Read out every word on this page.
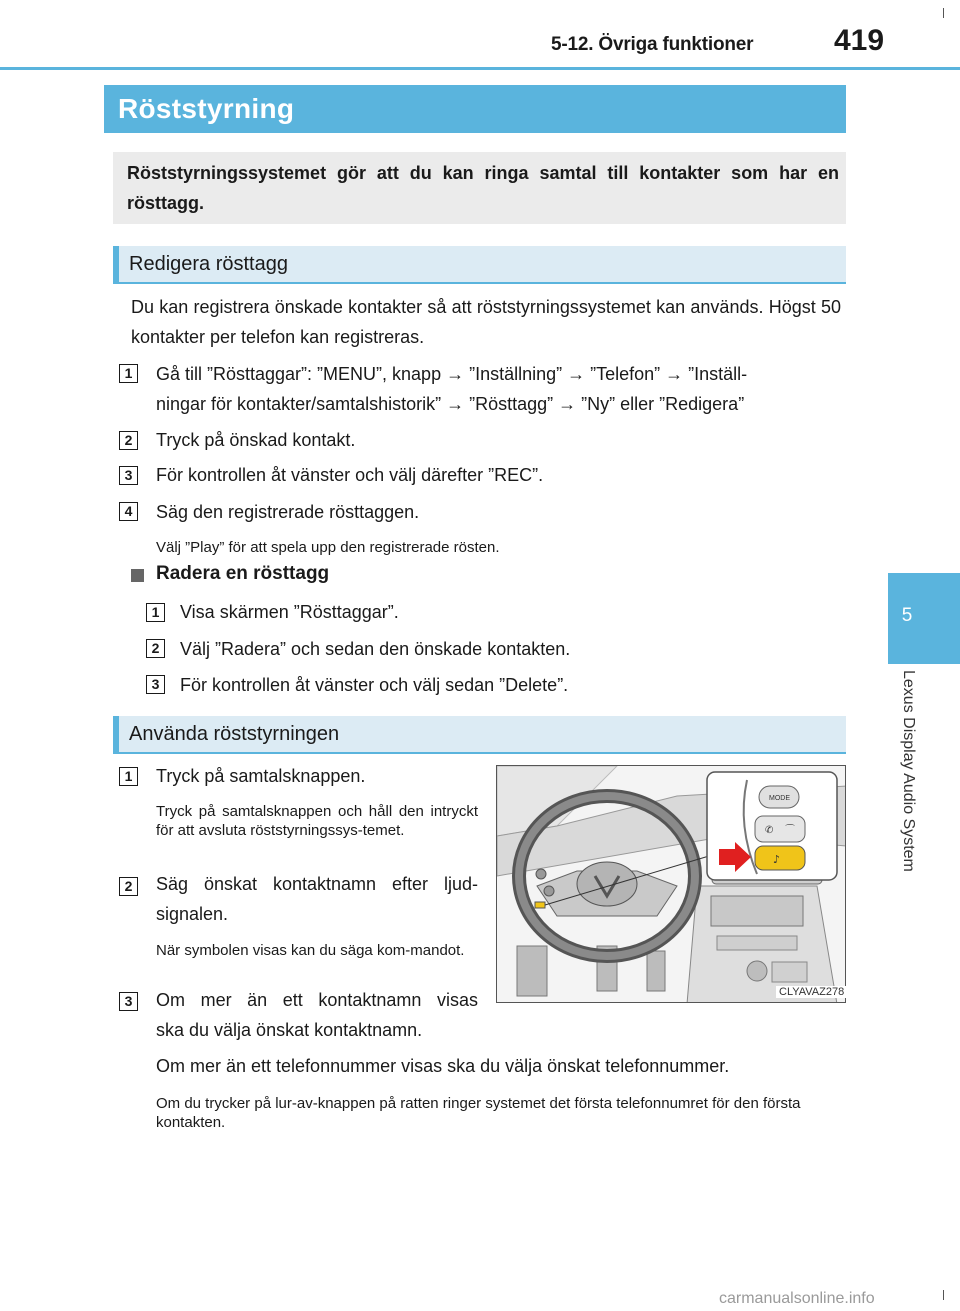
5-12. Övriga funktioner	419
5
Lexus Display Audio System
Röststyrning
Röststyrningssystemet gör att du kan ringa samtal till kontakter som har en rösttagg.
Redigera rösttagg
Du kan registrera önskade kontakter så att röststyrningssystemet kan används. Högst 50 kontakter per telefon kan registreras.
1	Gå till ”Rösttaggar”: ”MENU”, knapp → ”Inställning” → ”Telefon” → ”Inställ-
ningar för kontakter/samtalshistorik” → ”Rösttagg” → ”Ny” eller ”Redigera”
2	Tryck på önskad kontakt.
3	För kontrollen åt vänster och välj därefter ”REC”.
4	Säg den registrerade rösttaggen.
Välj ”Play” för att spela upp den registrerade rösten.
Radera en rösttagg
1	Visa skärmen ”Rösttaggar”.
2	Välj ”Radera” och sedan den önskade kontakten.
3	För kontrollen åt vänster och välj sedan ”Delete”.
Använda röststyrningen
1	Tryck på samtalsknappen.
Tryck på samtalsknappen och håll den intryckt för att avsluta röststyrningssys-temet.
2	Säg önskat kontaktnamn efter ljud-
signalen.
När symbolen visas kan du säga kom-mandot.
3	Om mer än ett kontaktnamn visas
ska du välja önskat kontaktnamn.
Om mer än ett telefonnummer visas ska du välja önskat telefonnummer.
Om du trycker på lur-av-knappen på ratten ringer systemet det första telefonnumret för den första kontakten.
MODE
✆ ⌒
♪
CLYAVAZ278
carmanualsonline.info
